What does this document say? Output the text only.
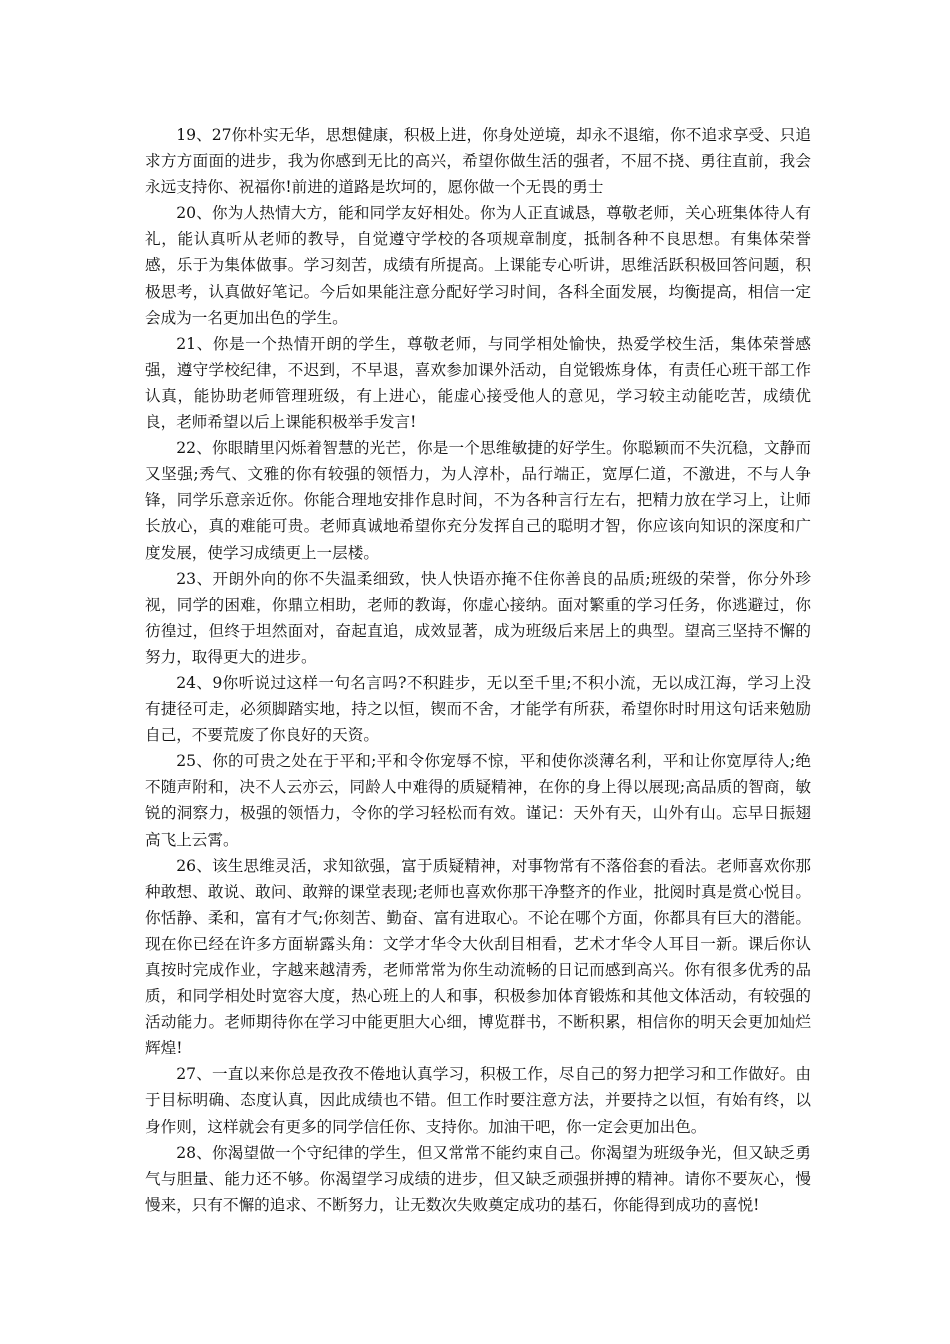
19、27你朴实无华，思想健康，积极上进，你身处逆境，却永不退缩，你不追求享受、只追求方方面面的进步，我为你感到无比的高兴，希望你做生活的强者，不屈不挠、勇往直前，我会永远支持你、祝福你!前进的道路是坎坷的，愿你做一个无畏的勇士

20、你为人热情大方，能和同学友好相处。你为人正直诚恳，尊敬老师，关心班集体待人有礼，能认真听从老师的教导，自觉遵守学校的各项规章制度，抵制各种不良思想。有集体荣誉感，乐于为集体做事。学习刻苦，成绩有所提高。上课能专心听讲，思维活跃积极回答问题，积极思考，认真做好笔记。今后如果能注意分配好学习时间，各科全面发展，均衡提高，相信一定会成为一名更加出色的学生。

21、你是一个热情开朗的学生，尊敬老师，与同学相处愉快，热爱学校生活，集体荣誉感强，遵守学校纪律，不迟到，不早退，喜欢参加课外活动，自觉锻炼身体，有责任心班干部工作认真，能协助老师管理班级，有上进心，能虚心接受他人的意见，学习较主动能吃苦，成绩优良，老师希望以后上课能积极举手发言!

22、你眼睛里闪烁着智慧的光芒，你是一个思维敏捷的好学生。你聪颖而不失沉稳，文静而又坚强;秀气、文雅的你有较强的领悟力，为人淳朴，品行端正，宽厚仁道，不激进，不与人争锋，同学乐意亲近你。你能合理地安排作息时间，不为各种言行左右，把精力放在学习上，让师长放心，真的难能可贵。老师真诚地希望你充分发挥自己的聪明才智，你应该向知识的深度和广度发展，使学习成绩更上一层楼。

23、开朗外向的你不失温柔细致，快人快语亦掩不住你善良的品质;班级的荣誉，你分外珍视，同学的困难，你鼎立相助，老师的教诲，你虚心接纳。面对繁重的学习任务，你逃避过，你彷徨过，但终于坦然面对，奋起直追，成效显著，成为班级后来居上的典型。望高三坚持不懈的努力，取得更大的进步。

24、9你听说过这样一句名言吗?不积跬步，无以至千里;不积小流，无以成江海，学习上没有捷径可走，必须脚踏实地，持之以恒，锲而不舍，才能学有所获，希望你时时用这句话来勉励自己，不要荒废了你良好的天资。

25、你的可贵之处在于平和;平和令你宠辱不惊，平和使你淡薄名利，平和让你宽厚待人;绝不随声附和，决不人云亦云，同龄人中难得的质疑精神，在你的身上得以展现;高品质的智商，敏锐的洞察力，极强的领悟力，令你的学习轻松而有效。谨记：天外有天，山外有山。忘早日振翅高飞上云霄。

26、该生思维灵活，求知欲强，富于质疑精神，对事物常有不落俗套的看法。老师喜欢你那种敢想、敢说、敢问、敢辩的课堂表现;老师也喜欢你那干净整齐的作业，批阅时真是赏心悦目。你恬静、柔和，富有才气;你刻苦、勤奋、富有进取心。不论在哪个方面，你都具有巨大的潜能。现在你已经在许多方面崭露头角：文学才华令大伙刮目相看，艺术才华令人耳目一新。课后你认真按时完成作业，字越来越清秀，老师常常为你生动流畅的日记而感到高兴。你有很多优秀的品质，和同学相处时宽容大度，热心班上的人和事，积极参加体育锻炼和其他文体活动，有较强的活动能力。老师期待你在学习中能更胆大心细，博览群书，不断积累，相信你的明天会更加灿烂辉煌!

27、一直以来你总是孜孜不倦地认真学习，积极工作，尽自己的努力把学习和工作做好。由于目标明确、态度认真，因此成绩也不错。但工作时要注意方法，并要持之以恒，有始有终，以身作则，这样就会有更多的同学信任你、支持你。加油干吧，你一定会更加出色。

28、你渴望做一个守纪律的学生，但又常常不能约束自己。你渴望为班级争光，但又缺乏勇气与胆量、能力还不够。你渴望学习成绩的进步，但又缺乏顽强拼搏的精神。请你不要灰心，慢慢来，只有不懈的追求、不断努力，让无数次失败奠定成功的基石，你能得到成功的喜悦!
